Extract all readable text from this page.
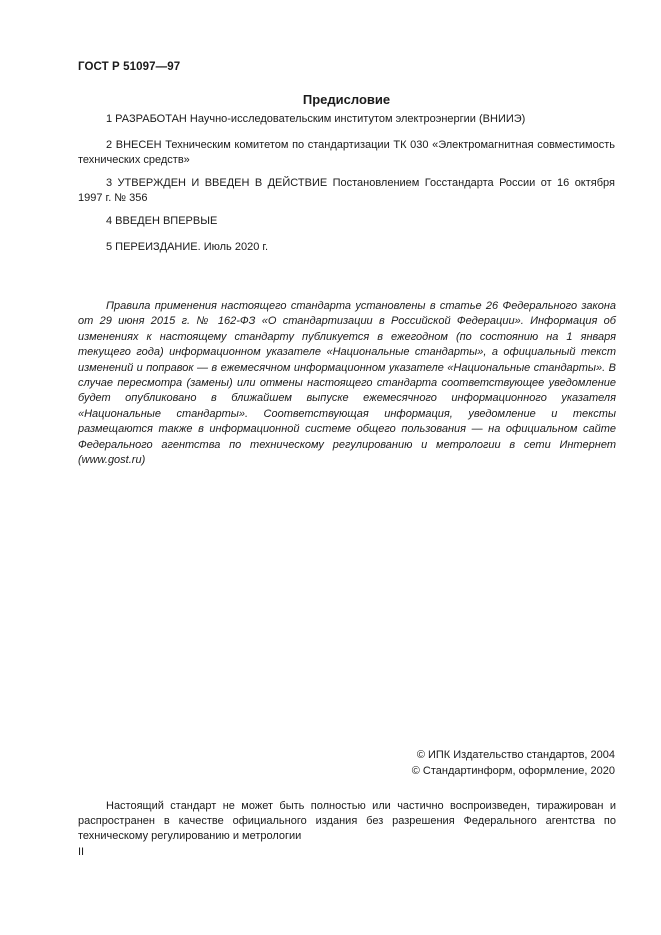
ГОСТ Р 51097—97
Предисловие

1 РАЗРАБОТАН Научно-исследовательским институтом электроэнергии (ВНИИЭ)

2 ВНЕСЕН Техническим комитетом по стандартизации ТК 030 «Электромагнитная совместимость технических средств»

3 УТВЕРЖДЕН И ВВЕДЕН В ДЕЙСТВИЕ Постановлением Госстандарта России от 16 октября 1997 г. № 356

4 ВВЕДЕН ВПЕРВЫЕ

5 ПЕРЕИЗДАНИЕ. Июль 2020 г.

Правила применения настоящего стандарта установлены в статье 26 Федерального закона от 29 июня 2015 г. № 162-ФЗ «О стандартизации в Российской Федерации». Информация об изменениях к настоящему стандарту публикуется в ежегодном (по состоянию на 1 января текущего года) информационном указателе «Национальные стандарты», а официальный текст изменений и поправок — в ежемесячном информационном указателе «Национальные стандарты». В случае пересмотра (замены) или отмены настоящего стандарта соответствующее уведомление будет опубликовано в ближайшем выпуске ежемесячного информационного указателя «Национальные стандарты». Соответствующая информация, уведомление и тексты размещаются также в информационной системе общего пользования — на официальном сайте Федерального агентства по техническому регулированию и метрологии в сети Интернет (www.gost.ru)

© ИПК Издательство стандартов, 2004
© Стандартинформ, оформление, 2020

Настоящий стандарт не может быть полностью или частично воспроизведен, тиражирован и распространен в качестве официального издания без разрешения Федерального агентства по техническому регулированию и метрологии

II
